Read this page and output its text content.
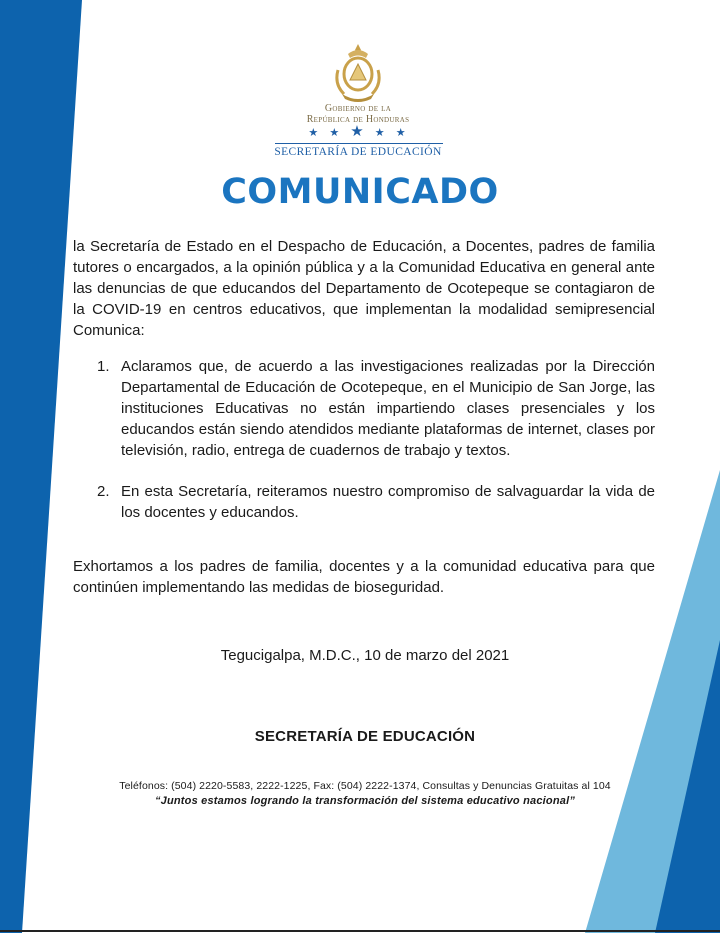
Gobierno de la
República de Honduras
★ ★ ★ ★ ★
SECRETARÍA DE EDUCACIÓN
COMUNICADO

la Secretaría de Estado en el Despacho de Educación, a Docentes, padres de familia tutores o encargados, a la opinión pública y a la Comunidad Educativa en general ante las denuncias de que educandos del Departamento de Ocotepeque se contagiaron de la COVID-19 en centros educativos, que implementan la modalidad semipresencial Comunica:

1. Aclaramos que, de acuerdo a las investigaciones realizadas por la Dirección Departamental de Educación de Ocotepeque, en el Municipio de San Jorge, las instituciones Educativas no están impartiendo clases presenciales y los educandos están siendo atendidos mediante plataformas de internet, clases por televisión, radio, entrega de cuadernos de trabajo y textos.

2. En esta Secretaría, reiteramos nuestro compromiso de salvaguardar la vida de los docentes y educandos.

Exhortamos a los padres de familia, docentes y a la comunidad educativa para que continúen implementando las medidas de bioseguridad.

Tegucigalpa, M.D.C., 10 de marzo del 2021
SECRETARÍA DE EDUCACIÓN
Teléfonos: (504) 2220-5583, 2222-1225, Fax: (504) 2222-1374, Consultas y Denuncias Gratuitas al 104
“Juntos estamos logrando la transformación del sistema educativo nacional”
